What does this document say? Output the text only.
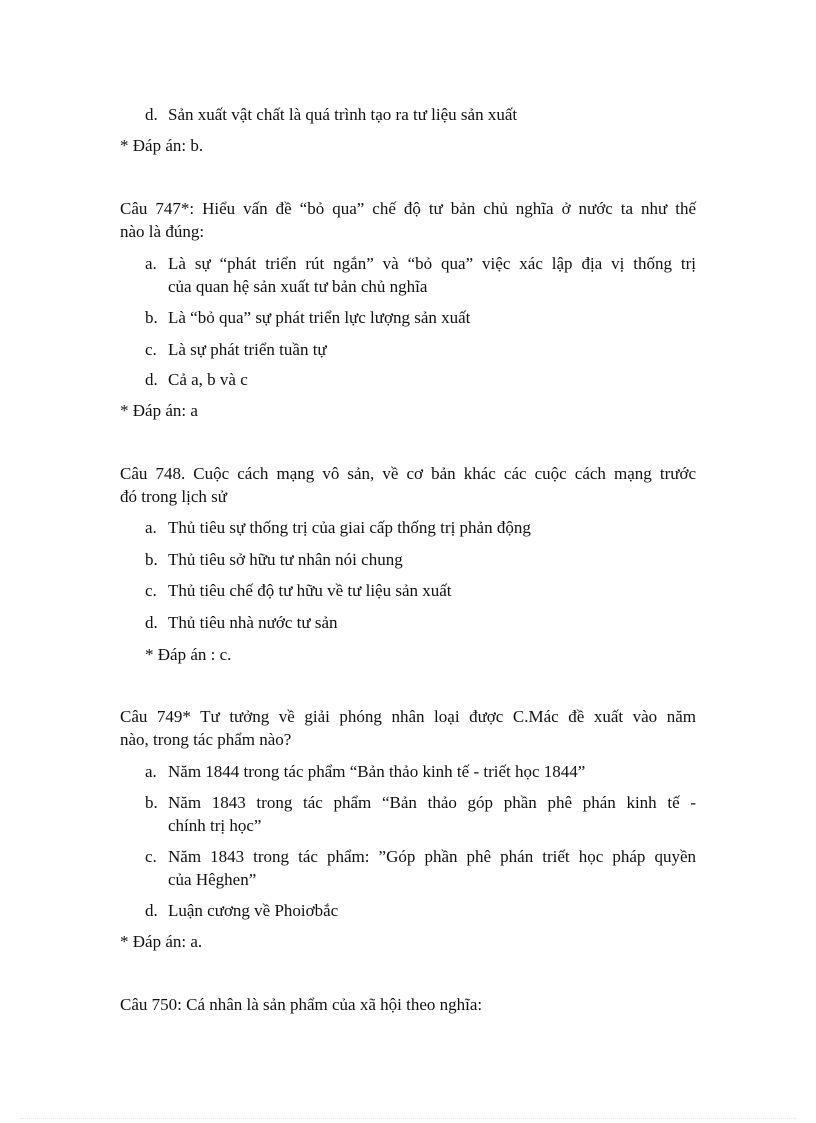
d. Sản xuất vật chất là quá trình tạo ra tư liệu sản xuất
* Đáp án: b.
Câu 747*: Hiểu vấn đề “bỏ qua” chế độ tư bản chủ nghĩa ở nước ta như thế
nào là đúng:
a. Là sự “phát triển rút ngắn” và “bỏ qua” việc xác lập địa vị thống trị
của quan hệ sản xuất tư bản chủ nghĩa
b. Là “bỏ qua” sự phát triển lực lượng sản xuất
c. Là sự phát triển tuần tự
d. Cả a, b và c
* Đáp án: a
Câu 748. Cuộc cách mạng vô sản, về cơ bản khác các cuộc cách mạng trước
đó trong lịch sử
a. Thủ tiêu sự thống trị của giai cấp thống trị phản động
b. Thủ tiêu sở hữu tư nhân nói chung
c. Thủ tiêu chế độ tư hữu về tư liệu sản xuất
d. Thủ tiêu nhà nước tư sản
* Đáp án : c.
Câu 749* Tư tưởng về giải phóng nhân loại được C.Mác đề xuất vào năm
nào, trong tác phẩm nào?
a. Năm 1844 trong tác phẩm “Bản thảo kinh tế - triết học 1844”
b. Năm 1843 trong tác phẩm “Bản thảo góp phần phê phán kinh tế -
chính trị học”
c. Năm 1843 trong tác phẩm: ”Góp phần phê phán triết học pháp quyền
của Hêghen”
d. Luận cương về Phoiơbắc
* Đáp án: a.
Câu 750: Cá nhân là sản phẩm của xã hội theo nghĩa:
